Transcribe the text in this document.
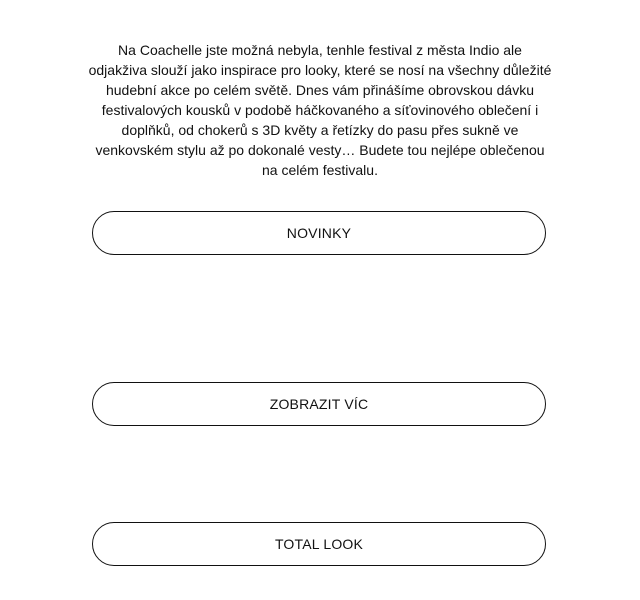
Na Coachelle jste možná nebyla, tenhle festival z města Indio ale odjakživa slouží jako inspirace pro looky, které se nosí na všechny důležité hudební akce po celém světě. Dnes vám přinášíme obrovskou dávku festivalových kousků v podobě háčkovaného a síťovinového oblečení i doplňků, od chokerů s 3D květy a řetízky do pasu přes sukně ve venkovském stylu až po dokonalé vesty… Budete tou nejlépe oblečenou na celém festivalu.

NOVINKY
ZOBRAZIT VÍC
TOTAL LOOK
